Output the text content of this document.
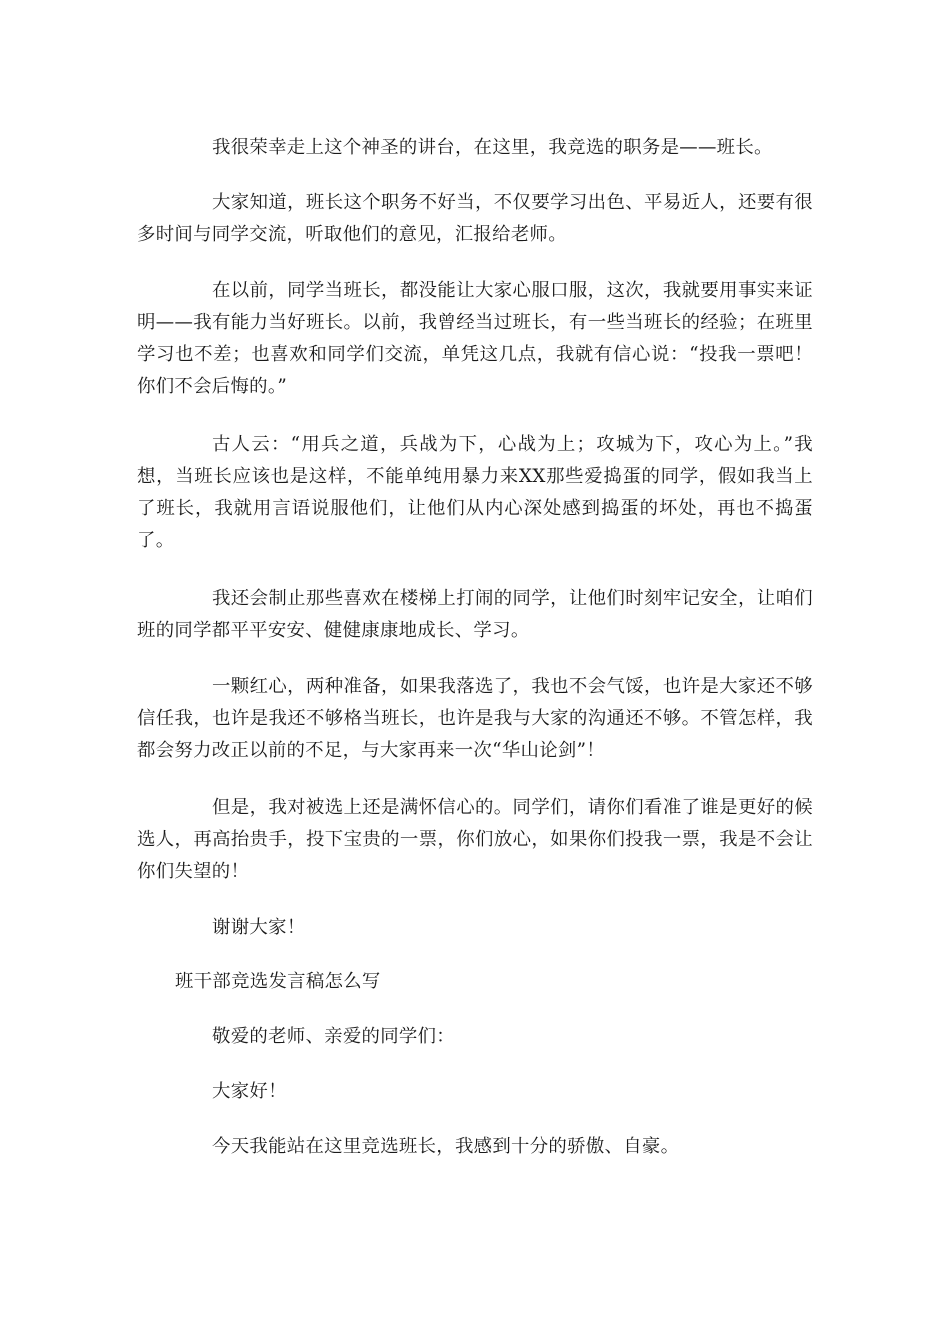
我很荣幸走上这个神圣的讲台，在这里，我竞选的职务是——班长。

大家知道，班长这个职务不好当，不仅要学习出色、平易近人，还要有很多时间与同学交流，听取他们的意见，汇报给老师。

在以前，同学当班长，都没能让大家心服口服，这次，我就要用事实来证明——我有能力当好班长。以前，我曾经当过班长，有一些当班长的经验；在班里学习也不差；也喜欢和同学们交流，单凭这几点，我就有信心说：“投我一票吧！你们不会后悔的。”

古人云：“用兵之道，兵战为下，心战为上；攻城为下，攻心为上。”我想，当班长应该也是这样，不能单纯用暴力来XX那些爱捣蛋的同学，假如我当上了班长，我就用言语说服他们，让他们从内心深处感到捣蛋的坏处，再也不捣蛋了。

我还会制止那些喜欢在楼梯上打闹的同学，让他们时刻牢记安全，让咱们班的同学都平平安安、健健康康地成长、学习。

一颗红心，两种准备，如果我落选了，我也不会气馁，也许是大家还不够信任我，也许是我还不够格当班长，也许是我与大家的沟通还不够。不管怎样，我都会努力改正以前的不足，与大家再来一次“华山论剑”！

但是，我对被选上还是满怀信心的。同学们，请你们看准了谁是更好的候选人，再高抬贵手，投下宝贵的一票，你们放心，如果你们投我一票，我是不会让你们失望的！

谢谢大家！

班干部竞选发言稿怎么写

敬爱的老师、亲爱的同学们：

大家好！

今天我能站在这里竞选班长，我感到十分的骄傲、自豪。
